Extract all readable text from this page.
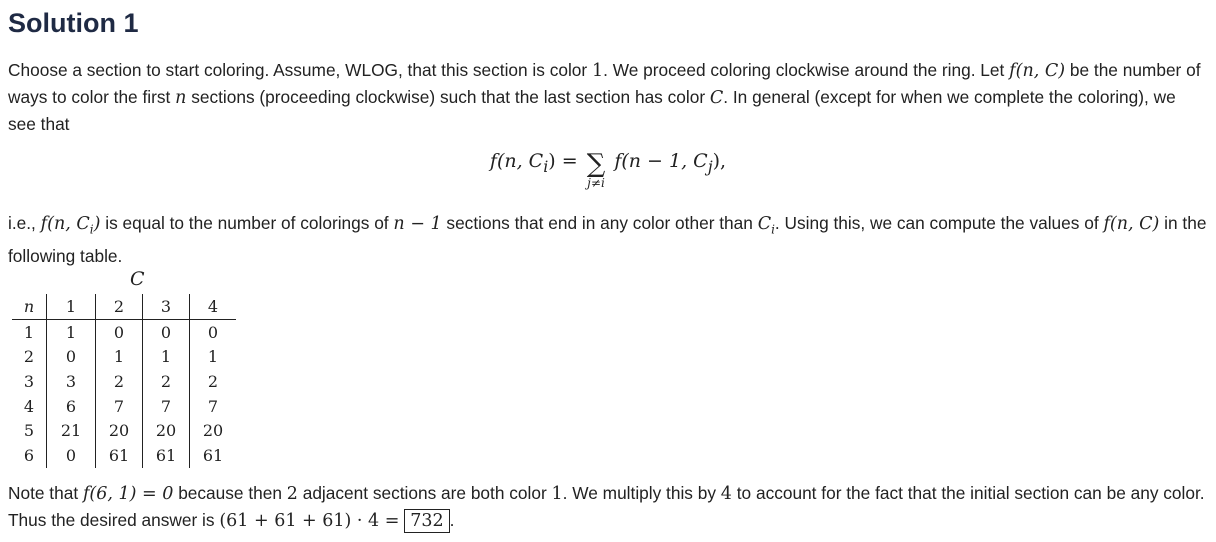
Solution 1

Choose a section to start coloring. Assume, WLOG, that this section is color 1. We proceed coloring clockwise around the ring. Let f(n, C) be the number of ways to color the first n sections (proceeding clockwise) such that the last section has color C. In general (except for when we complete the coloring), we see that

f(n, $C_i$) = ∑
j≠i
f(n − 1, $C_j$),

i.e., f(n, $C_i$) is equal to the number of colorings of n − 1 sections that end in any color other than $C_i$. Using this, we can compute the values of f(n, C) in the following table.

C
n	1	2	3	4
1	1	0	0	0
2	0	1	1	1
3	3	2	2	2
4	6	7	7	7
5	21	20	20	20
6	0	61	61	61

Note that f(6, 1) = 0 because then 2 adjacent sections are both color 1. We multiply this by 4 to account for the fact that the initial section can be any color. Thus the desired answer is (61 + 61 + 61) · 4 = 732 .
